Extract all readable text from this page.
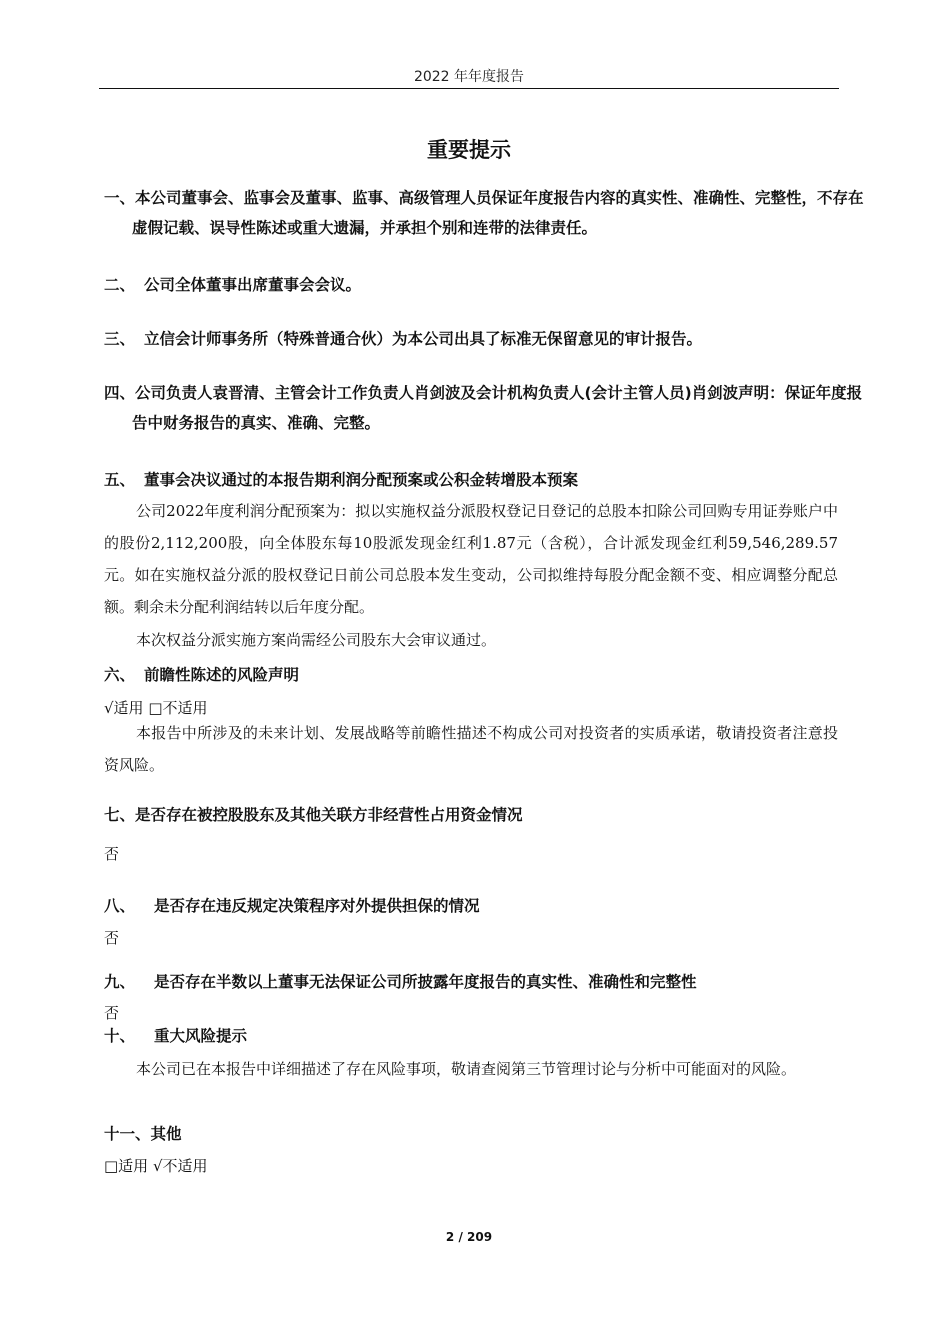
2022 年年度报告
重要提示
一、本公司董事会、监事会及董事、监事、高级管理人员保证年度报告内容的真实性、准确性、完整性，不存在虚假记载、误导性陈述或重大遗漏，并承担个别和连带的法律责任。
二、 公司全体董事出席董事会会议。
三、 立信会计师事务所（特殊普通合伙）为本公司出具了标准无保留意见的审计报告。
四、公司负责人袁晋清、主管会计工作负责人肖剑波及会计机构负责人(会计主管人员)肖剑波声明：保证年度报告中财务报告的真实、准确、完整。
五、 董事会决议通过的本报告期利润分配预案或公积金转增股本预案
公司2022年度利润分配预案为：拟以实施权益分派股权登记日登记的总股本扣除公司回购专用证券账户中的股份2,112,200股，向全体股东每10股派发现金红利1.87元（含税），合计派发现金红利59,546,289.57元。如在实施权益分派的股权登记日前公司总股本发生变动，公司拟维持每股分配金额不变、相应调整分配总额。剩余未分配利润结转以后年度分配。
本次权益分派实施方案尚需经公司股东大会审议通过。
六、 前瞻性陈述的风险声明
√适用 □不适用
本报告中所涉及的未来计划、发展战略等前瞻性描述不构成公司对投资者的实质承诺，敬请投资者注意投资风险。
七、是否存在被控股股东及其他关联方非经营性占用资金情况
否
八、 是否存在违反规定决策程序对外提供担保的情况
否
九、 是否存在半数以上董事无法保证公司所披露年度报告的真实性、准确性和完整性
否
十、 重大风险提示
本公司已在本报告中详细描述了存在风险事项，敬请查阅第三节管理讨论与分析中可能面对的风险。
十一、其他
□适用 √不适用
2 / 209
